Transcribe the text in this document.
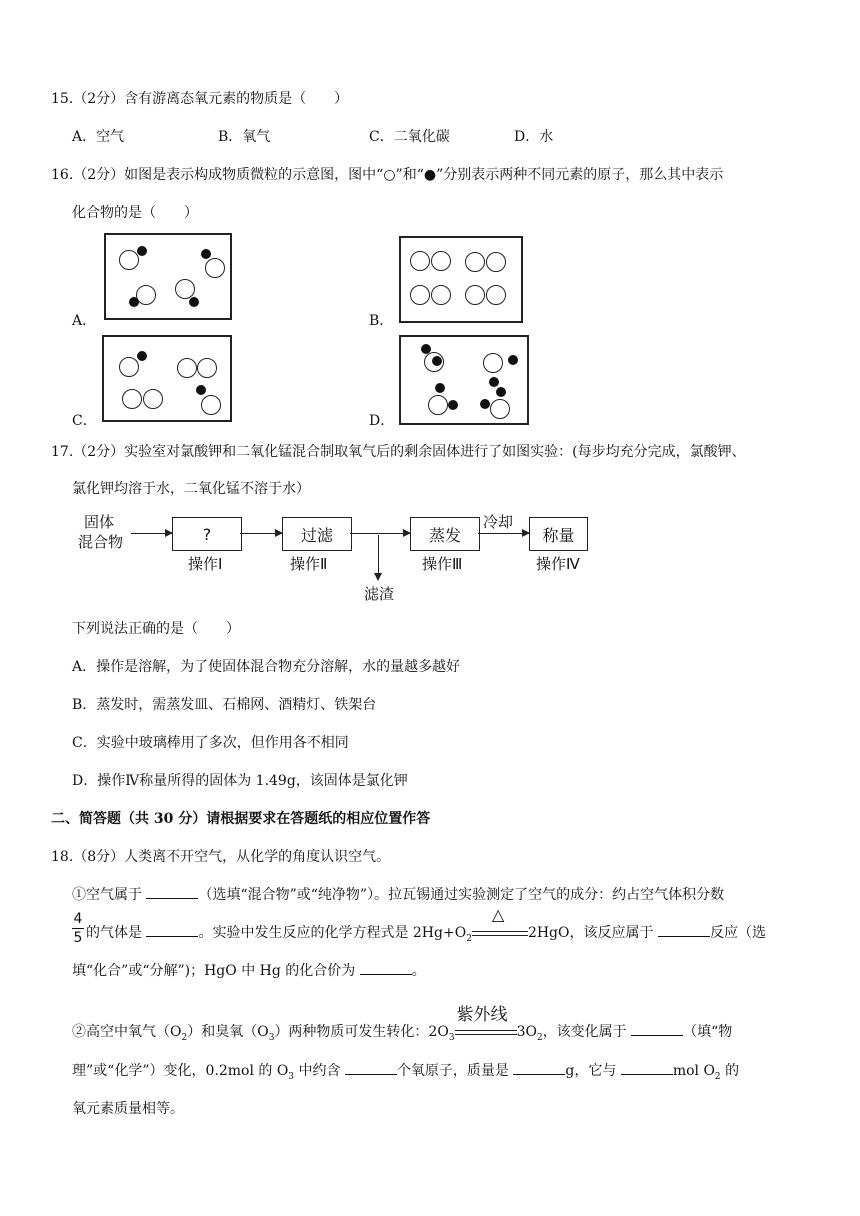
15.（2分）含有游离态氧元素的物质是（　　）
A．空气	B．氧气	C．二氧化碳	D．水
16.（2分）如图是表示构成物质微粒的示意图，图中“○”和“●”分别表示两种不同元素的原子，那么其中表示
化合物的是（　　）
A．	B．
C．	D．
17.（2分）实验室对氯酸钾和二氧化锰混合制取氧气后的剩余固体进行了如图实验：(每步均充分完成，氯酸钾、
氯化钾均溶于水，二氧化锰不溶于水）
固体
混合物	?	过滤
滤渣
蒸发
冷却
称量
操作Ⅰ	操作Ⅱ	操作Ⅲ	操作Ⅳ
下列说法正确的是（　　）
A．操作是溶解，为了使固体混合物充分溶解，水的量越多越好
B．蒸发时，需蒸发皿、石棉网、酒精灯、铁架台
C．实验中玻璃棒用了多次，但作用各不相同
D．操作Ⅳ称量所得的固体为 1.49g，该固体是氯化钾
二、简答题（共 30 分）请根据要求在答题纸的相应位置作答
18.（8分）人类离不开空气，从化学的角度认识空气。
①空气属于	（选填“混合物”或“纯净物”）。拉瓦锡通过实验测定了空气的成分：约占空气体积分数
4
5 的气体是	。实验中发生反应的化学方程式是 $2Hg+O_2$
△
2HgO，该反应属于	反应（选
填“化合”或“分解”)；HgO 中 Hg 的化合价为	。
②高空中氧气$(O_2)$和臭氧$(O_3)$两种物质可发生转化：$2O_3$
紫外线
$3O_2$，该变化属于	（填“物
理”或“化学”）变化，0.2mol 的 $O_3$ 中约含	个氧原子，质量是	g，它与	mol $O_2$ 的
氧元素质量相等。
